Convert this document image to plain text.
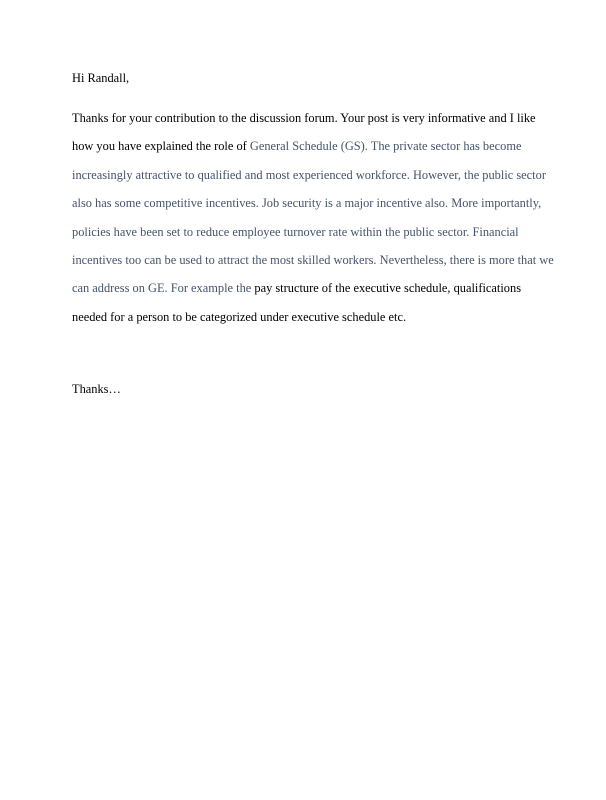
Hi Randall,
Thanks for your contribution to the discussion forum. Your post is very informative and I like
how you have explained the role of General Schedule (GS). The private sector has become
increasingly attractive to qualified and most experienced workforce. However, the public sector
also has some competitive incentives. Job security is a major incentive also. More importantly,
policies have been set to reduce employee turnover rate within the public sector. Financial
incentives too can be used to attract the most skilled workers. Nevertheless, there is more that we
can address on GE. For example the pay structure of the executive schedule, qualifications
needed for a person to be categorized under executive schedule etc.
Thanks…
